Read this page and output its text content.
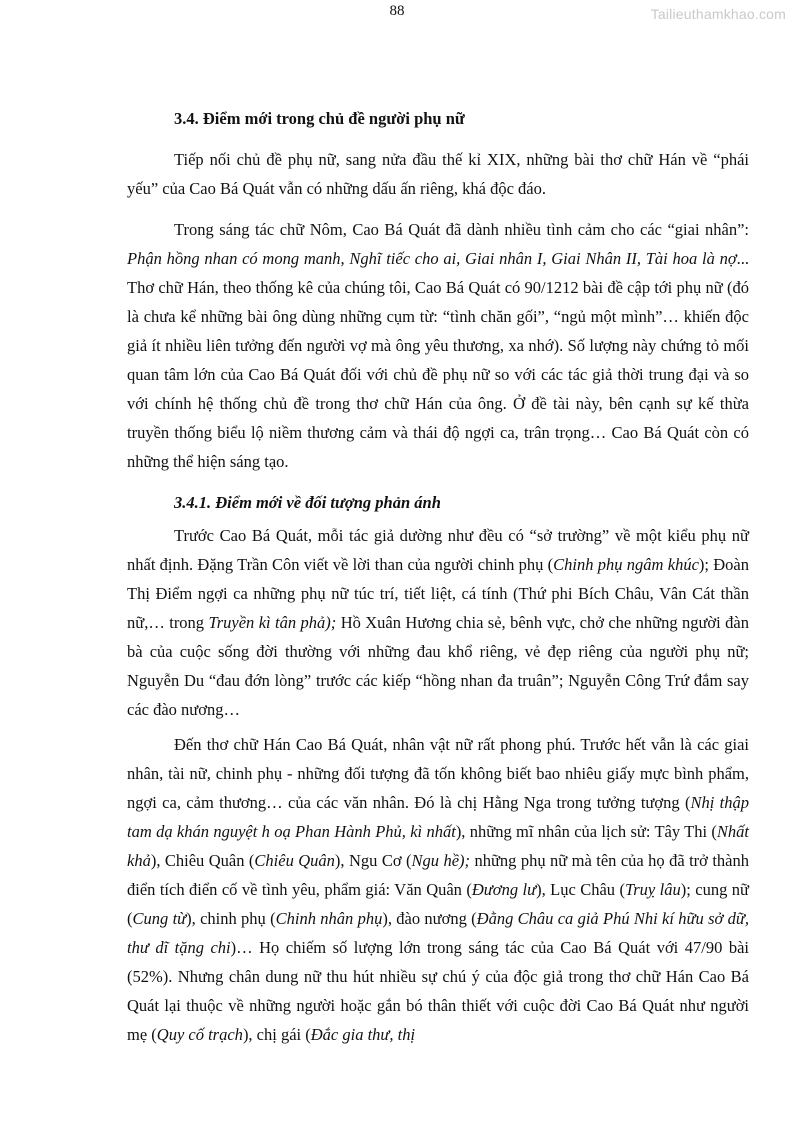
88	Tailieuthamkhao.com
3.4. Điểm mới trong chủ đề người phụ nữ

Tiếp nối chủ đề phụ nữ, sang nửa đầu thế kỉ XIX, những bài thơ chữ Hán về “phái yếu” của Cao Bá Quát vẫn có những dấu ấn riêng, khá độc đáo.

Trong sáng tác chữ Nôm, Cao Bá Quát đã dành nhiều tình cảm cho các “giai nhân”: Phận hồng nhan có mong manh, Nghĩ tiếc cho ai, Giai nhân I, Giai Nhân II, Tài hoa là nợ... Thơ chữ Hán, theo thống kê của chúng tôi, Cao Bá Quát có 90/1212 bài đề cập tới phụ nữ (đó là chưa kể những bài ông dùng những cụm từ: “tình chăn gối”, “ngủ một mình”… khiến độc giả ít nhiều liên tưởng đến người vợ mà ông yêu thương, xa nhớ). Số lượng này chứng tỏ mối quan tâm lớn của Cao Bá Quát đối với chủ đề phụ nữ so với các tác giả thời trung đại và so với chính hệ thống chủ đề trong thơ chữ Hán của ông. Ở đề tài này, bên cạnh sự kế thừa truyền thống biểu lộ niềm thương cảm và thái độ ngợi ca, trân trọng… Cao Bá Quát còn có những thể hiện sáng tạo.

3.4.1. Điểm mới về đối tượng phản ánh

Trước Cao Bá Quát, mỗi tác giả dường như đều có “sở trường” về một kiểu phụ nữ nhất định. Đặng Trần Côn viết về lời than của người chinh phụ (Chinh phụ ngâm khúc); Đoàn Thị Điểm ngợi ca những phụ nữ túc trí, tiết liệt, cá tính (Thứ phi Bích Châu, Vân Cát thần nữ,… trong Truyền kì tân phả); Hồ Xuân Hương chia sẻ, bênh vực, chở che những người đàn bà của cuộc sống đời thường với những đau khổ riêng, vẻ đẹp riêng của người phụ nữ; Nguyễn Du “đau đớn lòng” trước các kiếp “hồng nhan đa truân”; Nguyễn Công Trứ đắm say các đào nương…

Đến thơ chữ Hán Cao Bá Quát, nhân vật nữ rất phong phú. Trước hết vẫn là các giai nhân, tài nữ, chinh phụ - những đối tượng đã tốn không biết bao nhiêu giấy mực bình phẩm, ngợi ca, cảm thương… của các văn nhân. Đó là chị Hằng Nga trong tưởng tượng (Nhị thập tam dạ khán nguyệt h oạ Phan Hành Phủ, kì nhất), những mĩ nhân của lịch sử: Tây Thi (Nhất khả), Chiêu Quân (Chiêu Quân), Ngu Cơ (Ngu hề); những phụ nữ mà tên của họ đã trở thành điển tích điển cố về tình yêu, phẩm giá: Văn Quân (Đương lư), Lục Châu (Truỵ lâu); cung nữ (Cung từ), chinh phụ (Chinh nhân phụ), đào nương (Đằng Châu ca giả Phú Nhi kí hữu sở dữ, thư dĩ tặng chi)… Họ chiếm số lượng lớn trong sáng tác của Cao Bá Quát với 47/90 bài (52%). Nhưng chân dung nữ thu hút nhiều sự chú ý của độc giả trong thơ chữ Hán Cao Bá Quát lại thuộc về những người hoặc gắn bó thân thiết với cuộc đời Cao Bá Quát như người mẹ (Quy cố trạch), chị gái (Đắc gia thư, thị
